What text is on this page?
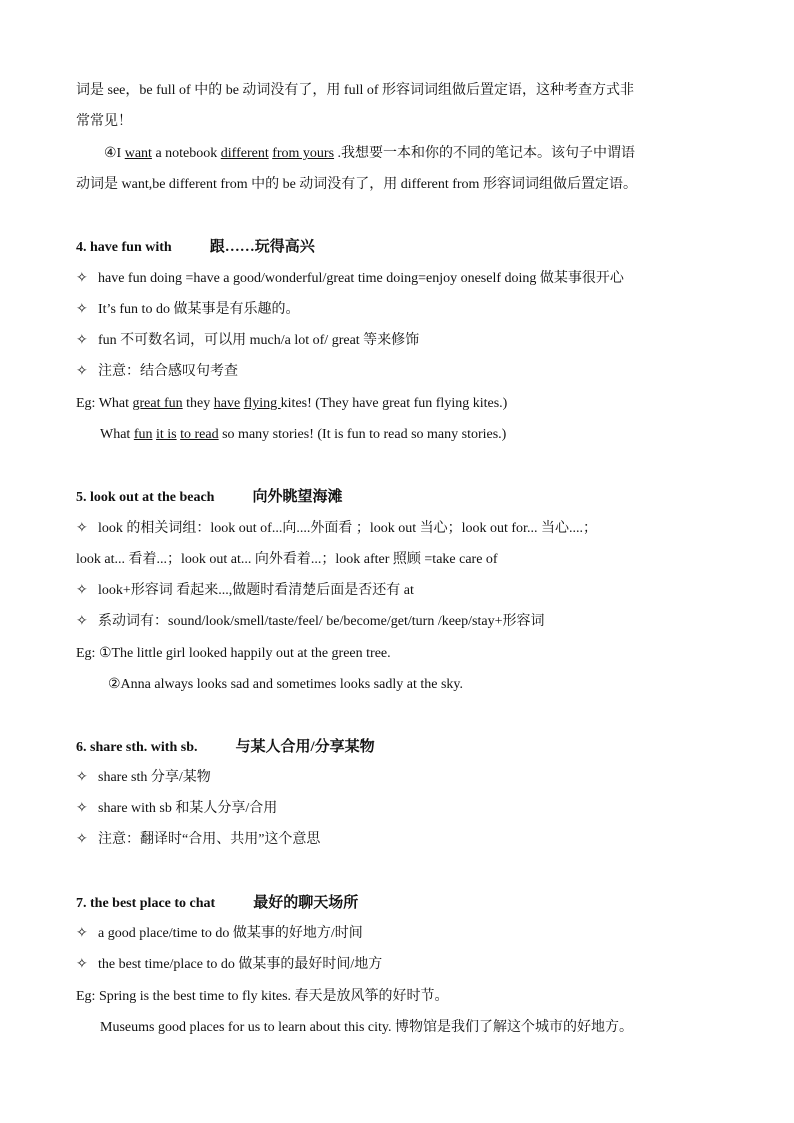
词是 see，be full of 中的 be 动词没有了，用 full of 形容词词组做后置定语，这种考查方式非
常常见！
④I want a notebook different from yours .我想要一本和你的不同的笔记本。该句子中谓语
动词是 want,be different from 中的 be 动词没有了，用 different from 形容词词组做后置定语。
4. have fun with	跟……玩得高兴
✧ have fun doing =have a good/wonderful/great time doing=enjoy oneself doing 做某事很开心
✧ It’s fun to do 做某事是有乐趣的。
✧ fun 不可数名词，可以用 much/a lot of/ great 等来修饰
✧ 注意：结合感叹句考查
Eg: What great fun they have flying kites! (They have great fun flying kites.)
What fun it is to read so many stories! (It is fun to read so many stories.)
5. look out at the beach	向外眺望海滩
✧ look 的相关词组：look out of...向....外面看 ；look out 当心；look out for... 当心....；
look at... 看着...；look out at... 向外看着...；look after 照顾 =take care of
✧ look+形容词 看起来...,做题时看清楚后面是否还有 at
✧ 系动词有：sound/look/smell/taste/feel/ be/become/get/turn /keep/stay+形容词
Eg: ①The little girl looked happily out at the green tree.
②Anna always looks sad and sometimes looks sadly at the sky.
6. share sth. with sb.	与某人合用/分享某物
✧ share sth 分享/某物
✧ share with sb 和某人分享/合用
✧ 注意：翻译时“合用、共用”这个意思
7. the best place to chat	最好的聊天场所
✧ a good place/time to do 做某事的好地方/时间
✧ the best time/place to do 做某事的最好时间/地方
Eg: Spring is the best time to fly kites. 春天是放风筝的好时节。
Museums good places for us to learn about this city. 博物馆是我们了解这个城市的好地方。
